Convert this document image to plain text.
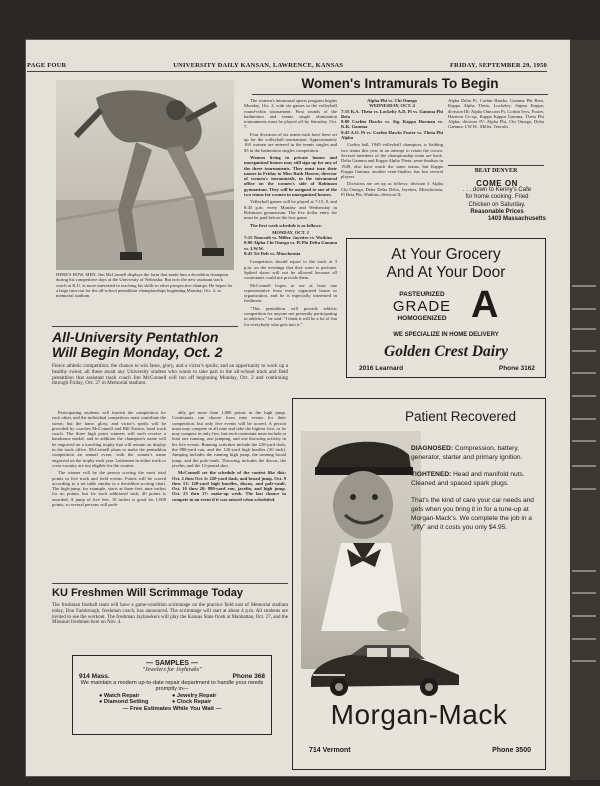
PAGE FOUR	UNIVERSITY DAILY KANSAN, LAWRENCE, KANSAS	FRIDAY, SEPTEMBER 29, 1950
HERE'S HOW, MEN. Jim McConnell displays the form that made him a decathlon champion during his competitive days at the University of Nebraska. But now the new assistant track coach at K.U. is more interested in teaching his skills to other prospective champs. He hopes for a large turn-out for the all-school pentathlon championships beginning Monday, Oct. 2, at memorial stadium.
All-University Pentathlon
Will Begin Monday, Oct. 2
Fierce athletic competition; the chance to win fame, glory, and a victor's spoils; and an opportunity to work up a healthy sweat; all these await any University student who wants to take part in the all-school track and field pentathlon that assistant track coach Jim McConnell will run off beginning Monday, Oct. 2 and continuing through Friday, Oct. 27 in Memorial stadium.

Participating students will furnish the competition for each other, and the individual competitors must contribute the sweat; but the fame, glory, and victor's spoils will be provided by coaches McConnell and Bill Easton, head track coach. The three high point winners will each receive a handsome medal, and in addition the champion's name will be engraved on a traveling trophy that will remain on display in the track office. McConnell plans to make the pentathlon competition an annual event, with the winner's name engraved on the trophy each year. Lettermen in either track or cross-country are not eligible for the contest.

The winner will be the person scoring the most total points in five track and field events. Points will be scored according to a set table similar to a decathlon scoring chart. The high-jump, for example, starts at three feet, nine inches for no points; but for each additional inch, 40 points is awarded. A jump of five feet, 10 inches is good for 1,000 points, so several persons will prob-

ably get more than 1,000 points in the high jump. Contestants can choose from nine events for their competition, but only five events will be scored. A person must may compete in all nine and take the highest five, or he may compete in only five, but each contestant must include at least one running, one jumping, and one throwing activity in his five events. Running activities include the 220-yard dash, the 880-yard run, and the 120-yard high hurdles (30 inch). Jumping includes the running high jump, the running broad jump, and the pole-vault. Throwing includes the discus, the javelin, and the 12-pound shot.

McConnell set the schedule of the contest like this: Oct. 2 thru Oct. 6: 220-yard dash, and broad jump. Oct. 9 thru 13: 120-yard high hurdles, discus, and pole-vault. Oct. 16 thru 20: 880-yard run, javelin, and high jump. Oct. 23 thru 27: make-up week. The last chance to compete in an event if it was missed when scheduled.

KU Freshmen Will Scrimmage Today
The freshman football team will have a game-condition scrimmage on the practice field east of Memorial stadium today, Don Fambrough, freshman coach, has announced. The scrimmage will start at about 4 p.m. All students are invited to see the workout. The freshman Jayhawkers will play the Kansas State frosh at Manhattan, Oct. 27, and the Missouri freshmen here on Nov. 4.
— SAMPLES —
"Jewelers for Joyhawks"
914 Mass.	Phone 368
We maintain a modern up-to-date repair department to handle your needs promptly in—
● Watch Repair	● Jewelry Repair
● Diamond Setting	● Clock Repair
— Free Estimates While You Wait —
Women's Intramurals To Begin

The women's intramural sports program begins Monday, Oct. 2, with six games in the volleyball round-robin tournament. First rounds of the badminton and tennis single elimination tournaments must be played off by Saturday, Oct. 7.

Four divisions of six teams each have been set up for the volleyball tournament. Approximately 160 women are entered in the tennis singles and 85 in the badminton singles competition.

Women living in private homes and unorganized houses may still sign up for any of the three tournaments. They must turn their names in Friday to Miss Ruth Hoover, director of women's intramurals, in the intramural office on the women's side of Robinson gymnasium. They will be assigned to one of the two teams for women in unorganized houses.

Volleyball games will be played at 7:15, 8, and 8:45 p.m. every Monday and Wednesday in Robinson gymnasium. The five dollar entry fee must be paid before the first game.

The first week schedule is as follows:

MONDAY, OCT. 2
7:15 Tomcuth vs. Miller. Jayettes vs. Watkins
8:00 Alpha Chi Omega vs. Pi Phi Delta Gamma vs. I.W.W.
8:45 Tri Delt vs. Monchonsia

Competitors should report to the track at 3 p.m. on the evenings that they want to perform. Spiked shoes will not be allowed because all contestants could not provide them.

McConnell hopes to see at least one representative from every organized house or organization, and he is especially interested in freshmen.

"This pentathlon will provide athletic competition for anyone not presently participating in athletics," he said. "I think it will be a lot of fun for everybody who gets into it."

Alpha Phi vs. Chi Omega
WEDNESDAY, OCT. 4
7:15 K.A. Theta vs. Lockeby A.D. Pi vs. Gamma Phi Beta
8:00 Corbin Hawks vs. Sig. Kappa Harman vs. K.K. Gamma
8:45 A.O. Pi vs. Corbin Hawks Foster vs. Theta Phi Alpha

Corbin hall, 1949 volleyball champion, is fielding two teams this year in an attempt to retain the crown. Several members of the championship team are back. Delta Gamma and Kappa Alpha Theta, semi-finalists in 1949, also have much the same teams, but Kappa Kappa Gamma, another semi-finalist, has lost several players.

Divisions are set up as follows: division I: Alpha Chi Omega, Delta Delta Delta, Jayettes, Monchonsia, Pi Beta Phi, Watkins; division II:

Alpha Delta Pi, Corbin Hawks, Gamma Phi Beta, Kappa Alpha Theta, Lockeley, Sigma Kappa; division III: Alpha Omicron Pi, Corbin Ivys, Foster, Harmon Co-op, Kappa Kappa Gamma, Theta Phi Alpha; division IV: Alpha Phi, Chi Omega, Delta Gamma, I.W.W., Miller, Tenruth.
BEAT DENVER
COME ON
. . . down to Kenny's Cafe
for home cooking. Fried
Chicken on Saturday.
Reasonable Prices
1403 Massachusetts
At Your Grocery
And At Your Door
PASTEURIZED
GRADE
HOMOGENIZED A
WE SPECIALIZE IN HOME DELIVERY
Golden Crest Dairy
2016 Learnard	Phone 3162
Patient Recovered
DIAGNOSED: Compression, battery, generator, starter and primary ignition.
TIGHTENED: Head and manifold nuts.
Cleaned and spaced spark plugs.
That's the kind of care your car needs and gets when you bring it in for a tune-up at Morgan-Mack's. We complete the job in a "jiffy" and it costs you only $4.95.
Morgan-Mack
714 Vermont	Phone 3500
